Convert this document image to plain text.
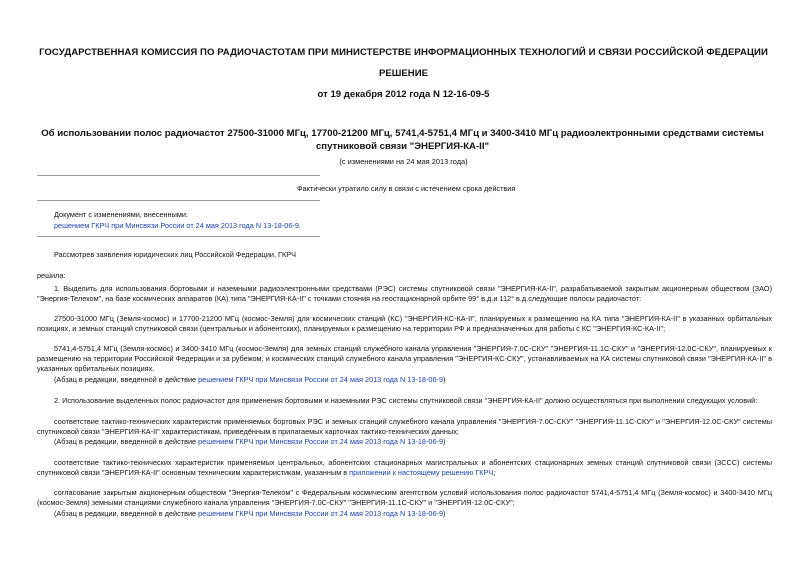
ГОСУДАРСТВЕННАЯ КОМИССИЯ ПО РАДИОЧАСТОТАМ ПРИ МИНИСТЕРСТВЕ ИНФОРМАЦИОННЫХ ТЕХНОЛОГИЙ И СВЯЗИ РОССИЙСКОЙ ФЕДЕРАЦИИ
РЕШЕНИЕ
от 19 декабря 2012 года N 12-16-09-5
Об использовании полос радиочастот 27500-31000 МГц, 17700-21200 МГц, 5741,4-5751,4 МГц и 3400-3410 МГц радиоэлектронными средствами системы спутниковой связи "ЭНЕРГИЯ-КА-II"
(с изменениями на 24 мая 2013 года)
Фактически утратило силу в связи с истечением срока действия
Документ с изменениями, внесенными:
решением ГКРЧ при Минсвязи России от 24 мая 2013 года N 13-18-06-9.
Рассмотрев заявления юридических лиц Российской Федерации, ГКРЧ
решила:
1. Выделить для использования бортовыми и наземными радиоэлектронными средствами (РЭС) системы спутниковой связи "ЭНЕРГИЯ-КА-II", разрабатываемой закрытым акционерным обществом (ЗАО) "Энергия-Телеком", на базе космических аппаратов (КА) типа "ЭНЕРГИЯ-КА-II" с точками стояния на геостационарной орбите 99° в.д.и 112° в.д.следующие полосы радиочастот:
27500-31000 МГц (Земля-космос) и 17700-21200 МГц (космос-Земля) для космических станций (КС) "ЭНЕРГИЯ-КС-КА-II", планируемых к размещению на КА типа "ЭНЕРГИЯ-КА-II" в указанных орбитальных позициях, и земных станций спутниковой связи (центральных и абонентских), планируемых к размещению на территории РФ и предназначенных для работы с КС "ЭНЕРГИЯ-КС-КА-II";
5741,4-5751,4 МГц (Земля-космос) и 3400-3410 МГц (космос-Земля) для земных станций служебного канала управления "ЭНЕРГИЯ-7.0С-СКУ" "ЭНЕРГИЯ-11.1С-СКУ" и "ЭНЕРГИЯ-12.0С-СКУ", планируемых к размещению на территории Российской Федерации и за рубежом, и космических станций служебного канала управления "ЭНЕРГИЯ-КС-СКУ", устанавливаемых на КА системы спутниковой связи "ЭНЕРГИЯ-КА-II" в указанных орбитальных позициях.
(Абзац в редакции, введенной в действие решением ГКРЧ при Минсвязи России от 24 мая 2013 года N 13-18-06-9)
2. Использование выделенных полос радиочастот для применения бортовыми и наземными РЭС системы спутниковой связи "ЭНЕРГИЯ-КА-II" должно осуществляться при выполнении следующих условий:
соответствие тактико-технических характеристик применяемых бортовых РЭС и земных станций служебного канала управления "ЭНЕРГИЯ-7.0С-СКУ" "ЭНЕРГИЯ-11.1С-СКУ" и "ЭНЕРГИЯ-12.0С-СКУ" системы спутниковой связи "ЭНЕРГИЯ-КА-II" характеристикам, приведённым в прилагаемых карточках тактико-технических данных;
(Абзац в редакции, введенной в действие решением ГКРЧ при Минсвязи России от 24 мая 2013 года N 13-18-06-9)
соответствие тактико-технических характеристик применяемых центральных, абонентских стационарных магистральных и абонентских стационарных земных станций спутниковой связи (ЗССС) системы спутниковой связи "ЭНЕРГИЯ-КА-II" основным техническим характеристикам, указанным в приложении к настоящему решению ГКРЧ;
согласование закрытым акционерным обществом "Энергия-Телеком" с Федеральным космическим агентством условий использования полос радиочастот 5741,4-5751,4 МГц (Земля-космос) и 3400-3410 МГц (космос-Земля) земными станциями служебного канала управления "ЭНЕРГИЯ-7.0С-СКУ" "ЭНЕРГИЯ-11.1С-СКУ" и "ЭНЕРГИЯ-12.0С-СКУ";
(Абзац в редакции, введенной в действие решением ГКРЧ при Минсвязи России от 24 мая 2013 года N 13-18-06-9)
